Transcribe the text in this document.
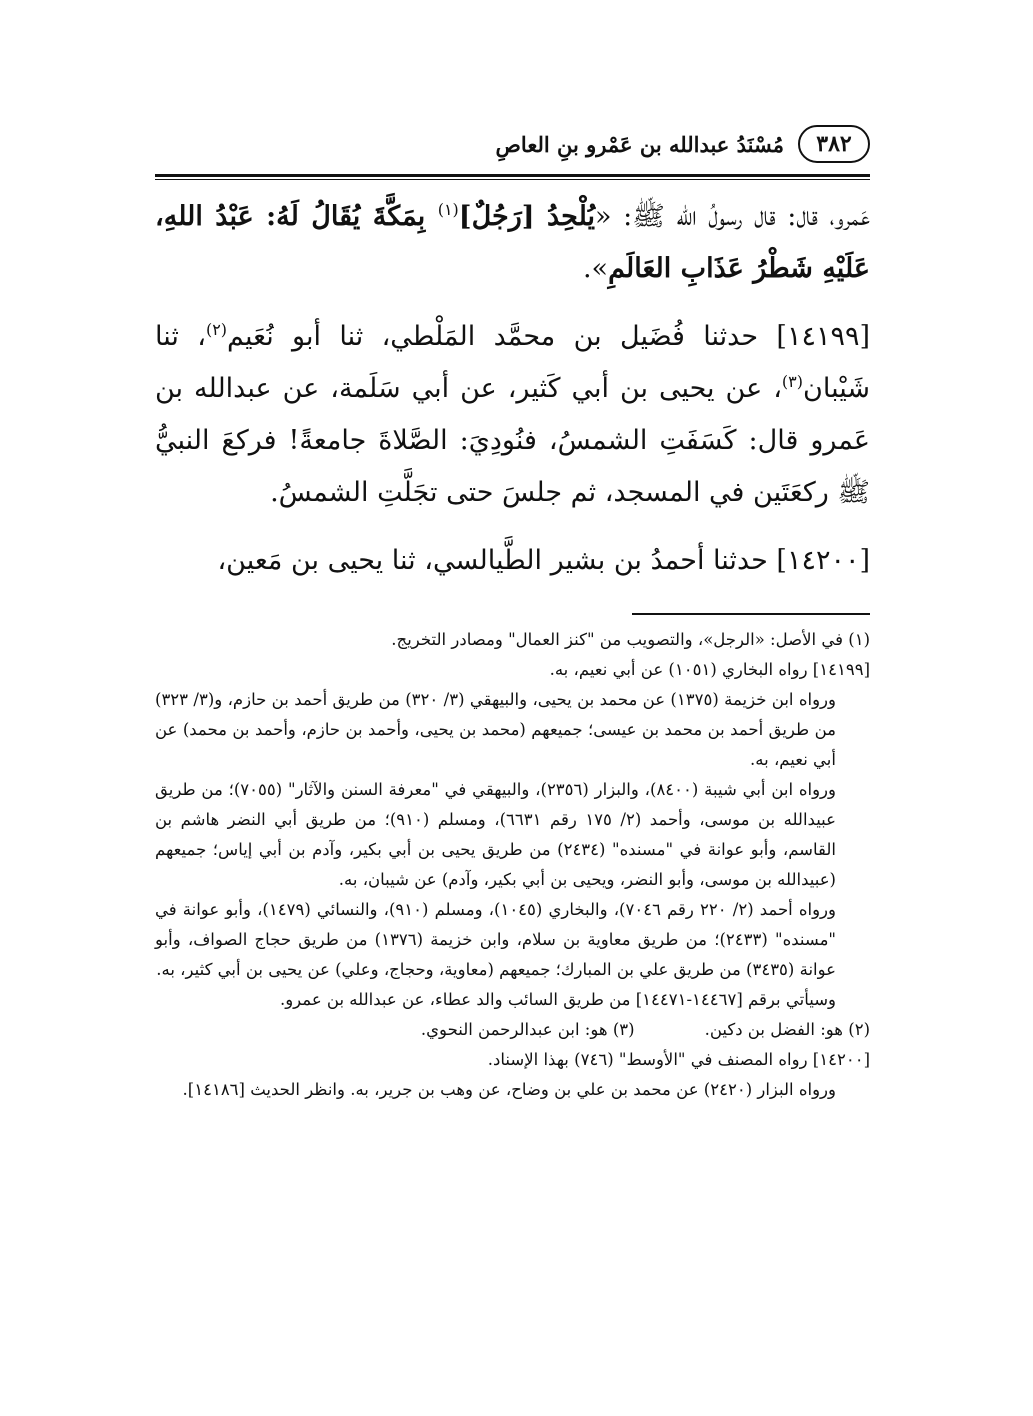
٣٨٢
مُسْنَدُ عبدالله بن عَمْرو بنِ العاصِ

عَمرو، قال: قال رسولُ الله ﷺ: «يُلْحِدُ [رَجُلٌ]$^{(١)}$ بِمَكَّةَ يُقَالُ لَهُ: عَبْدُ اللهِ، عَلَيْهِ شَطْرُ عَذَابِ العَالَمِ».

[١٤١٩٩] حدثنا فُضَيل بن محمَّد المَلْطي، ثنا أبو نُعَيم$^{(٢)}$، ثنا شَيْبان$^{(٣)}$، عن يحيى بن أبي كَثير، عن أبي سَلَمة، عن عبدالله بن عَمرو قال: كَسَفَتِ الشمسُ، فنُودِيَ: الصَّلاةَ جامعةً! فركعَ النبيُّ ﷺ ركعَتَين في المسجد، ثم جلسَ حتى تجَلَّتِ الشمسُ.

[١٤٢٠٠] حدثنا أحمدُ بن بشير الطَّيالسي، ثنا يحيى بن مَعين،

(١) في الأصل: «الرجل»، والتصويب من "كنز العمال" ومصادر التخريج.

[١٤١٩٩] رواه البخاري (١٠٥١) عن أبي نعيم، به.

ورواه ابن خزيمة (١٣٧٥) عن محمد بن يحيى، والبيهقي (٣/ ٣٢٠) من طريق أحمد بن حازم، و(٣/ ٣٢٣) من طريق أحمد بن محمد بن عيسى؛ جميعهم (محمد بن يحيى، وأحمد بن حازم، وأحمد بن محمد) عن أبي نعيم، به.

ورواه ابن أبي شيبة (٨٤٠٠)، والبزار (٢٣٥٦)، والبيهقي في "معرفة السنن والآثار" (٧٠٥٥)؛ من طريق عبيدالله بن موسى، وأحمد (٢/ ١٧٥ رقم ٦٦٣١)، ومسلم (٩١٠)؛ من طريق أبي النضر هاشم بن القاسم، وأبو عوانة في "مسنده" (٢٤٣٤) من طريق يحيى بن أبي بكير، وآدم بن أبي إياس؛ جميعهم (عبيدالله بن موسى، وأبو النضر، ويحيى بن أبي بكير، وآدم) عن شيبان، به.

ورواه أحمد (٢/ ٢٢٠ رقم ٧٠٤٦)، والبخاري (١٠٤٥)، ومسلم (٩١٠)، والنسائي (١٤٧٩)، وأبو عوانة في "مسنده" (٢٤٣٣)؛ من طريق معاوية بن سلام، وابن خزيمة (١٣٧٦) من طريق حجاج الصواف، وأبو عوانة (٣٤٣٥) من طريق علي بن المبارك؛ جميعهم (معاوية، وحجاج، وعلي) عن يحيى بن أبي كثير، به.

وسيأتي برقم [١٤٤٦٧-١٤٤٧١] من طريق السائب والد عطاء، عن عبدالله بن عمرو.

(٢) هو: الفضل بن دكين.
(٣) هو: ابن عبدالرحمن النحوي.

[١٤٢٠٠] رواه المصنف في "الأوسط" (٧٤٦) بهذا الإسناد.

ورواه البزار (٢٤٢٠) عن محمد بن علي بن وضاح، عن وهب بن جرير، به. وانظر الحديث [١٤١٨٦].
